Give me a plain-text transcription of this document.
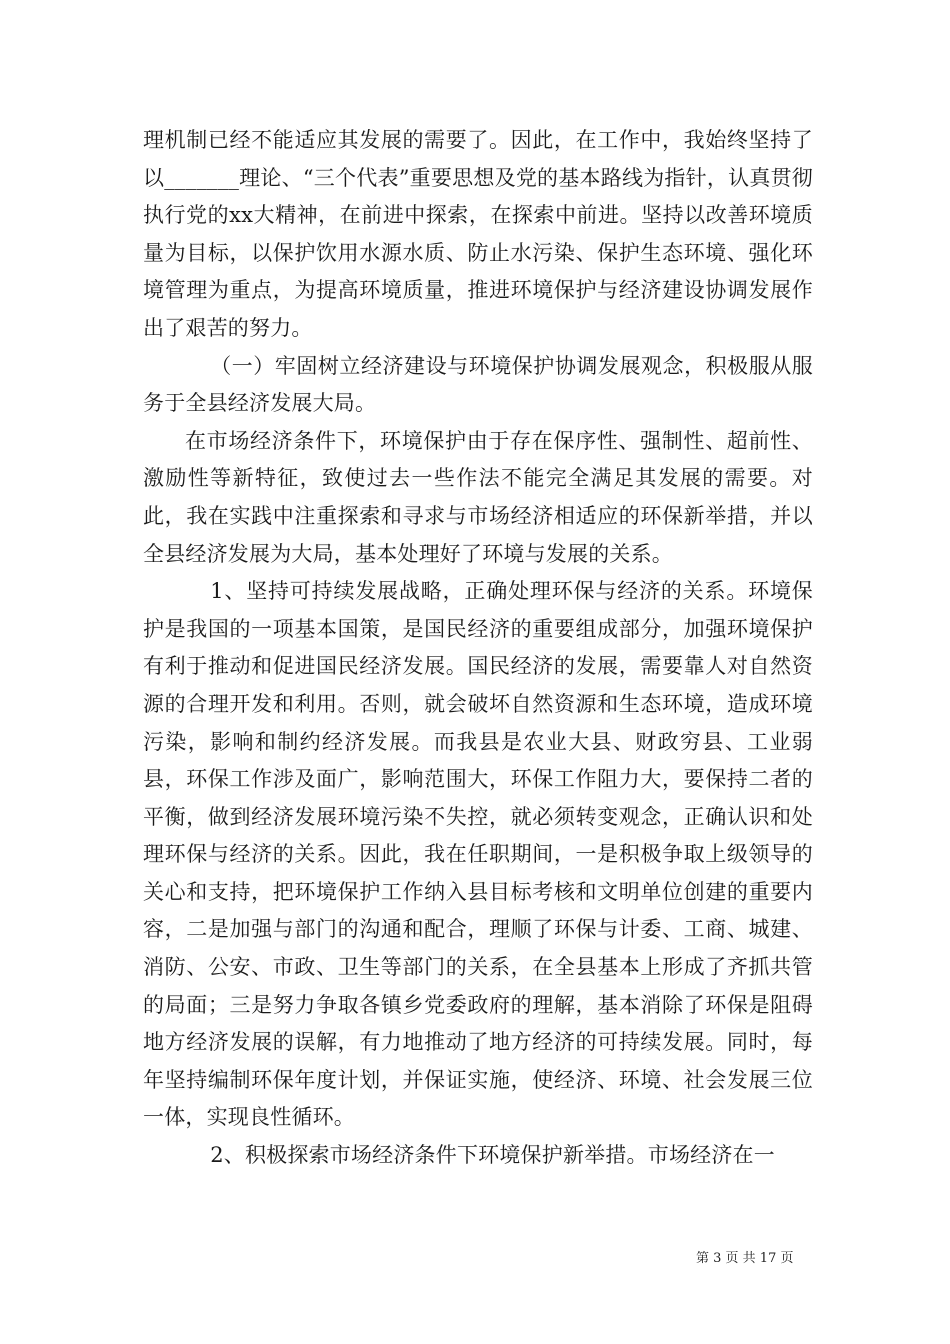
理机制已经不能适应其发展的需要了。因此，在工作中，我始终坚持了以_______理论、“三个代表”重要思想及党的基本路线为指针，认真贯彻执行党的xx大精神，在前进中探索，在探索中前进。坚持以改善环境质量为目标，以保护饮用水源水质、防止水污染、保护生态环境、强化环境管理为重点，为提高环境质量，推进环境保护与经济建设协调发展作出了艰苦的努力。

（一）牢固树立经济建设与环境保护协调发展观念，积极服从服务于全县经济发展大局。

在市场经济条件下，环境保护由于存在保序性、强制性、超前性、激励性等新特征，致使过去一些作法不能完全满足其发展的需要。对此，我在实践中注重探索和寻求与市场经济相适应的环保新举措，并以全县经济发展为大局，基本处理好了环境与发展的关系。

1、坚持可持续发展战略，正确处理环保与经济的关系。环境保护是我国的一项基本国策，是国民经济的重要组成部分，加强环境保护有利于推动和促进国民经济发展。国民经济的发展，需要靠人对自然资源的合理开发和利用。否则，就会破坏自然资源和生态环境，造成环境污染，影响和制约经济发展。而我县是农业大县、财政穷县、工业弱县，环保工作涉及面广，影响范围大，环保工作阻力大，要保持二者的平衡，做到经济发展环境污染不失控，就必须转变观念，正确认识和处理环保与经济的关系。因此，我在任职期间，一是积极争取上级领导的关心和支持，把环境保护工作纳入县目标考核和文明单位创建的重要内容，二是加强与部门的沟通和配合，理顺了环保与计委、工商、城建、消防、公安、市政、卫生等部门的关系，在全县基本上形成了齐抓共管的局面；三是努力争取各镇乡党委政府的理解，基本消除了环保是阻碍地方经济发展的误解，有力地推动了地方经济的可持续发展。同时，每年坚持编制环保年度计划，并保证实施，使经济、环境、社会发展三位一体，实现良性循环。

2、积极探索市场经济条件下环境保护新举措。市场经济在一

第 3 页 共 17 页
